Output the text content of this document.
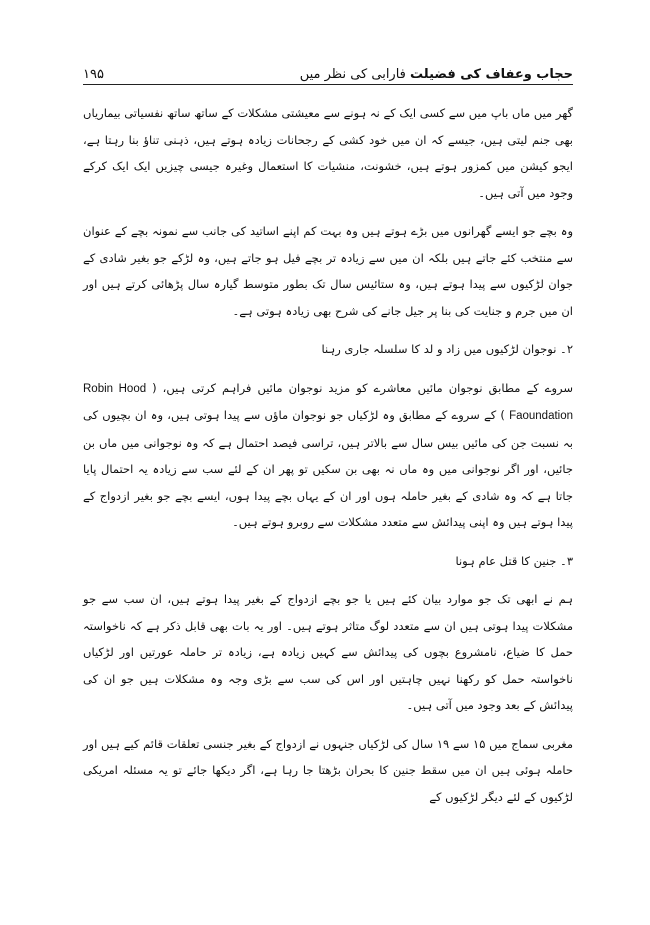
۱۹۵	حجاب وعفاف کی فضیلت فارابی کی نظر میں

گھر میں ماں باپ میں سے کسی ایک کے نہ ہونے سے معیشتی مشکلات کے ساتھ ساتھ نفسیاتی بیماریاں بھی جنم لیتی ہیں، جیسے کہ ان میں خود کشی کے رجحانات زیادہ ہوتے ہیں، ذہنی تناؤ بنا رہتا ہے، ایجو کیشن میں کمزور ہوتے ہیں، خشونت، منشیات کا استعمال وغیرہ جیسی چیزیں ایک ایک کرکے وجود میں آتی ہیں۔

وہ بچے جو ایسے گھرانوں میں بڑے ہوتے ہیں وہ بہت کم اپنے اساتید کی جانب سے نمونہ بچے کے عنوان سے منتخب کئے جاتے ہیں بلکہ ان میں سے زیادہ تر بچے فیل ہو جاتے ہیں، وہ لڑکے جو بغیر شادی کے جوان لڑکیوں سے پیدا ہوتے ہیں، وہ ستائیس سال تک بطور متوسط گیارہ سال پڑھائی کرتے ہیں اور ان میں جرم و جنایت کی بنا پر جیل جانے کی شرح بھی زیادہ ہوتی ہے۔

۲۔ نوجوان لڑکیوں میں زاد و لد کا سلسلہ جاری رہنا

سروے کے مطابق نوجوان مائیں معاشرے کو مزید نوجوان مائیں فراہم کرتی ہیں، ( Robin Hood Faoundation ) کے سروے کے مطابق وہ لڑکیاں جو نوجوان ماؤں سے پیدا ہوتی ہیں، وہ ان بچیوں کی بہ نسبت جن کی مائیں بیس سال سے بالاتر ہیں، تراسی فیصد احتمال ہے کہ وہ نوجوانی میں ماں بن جائیں، اور اگر نوجوانی میں وہ ماں نہ بھی بن سکیں تو پھر ان کے لئے سب سے زیادہ یہ احتمال پایا جاتا ہے کہ وہ شادی کے بغیر حاملہ ہوں اور ان کے یہاں بچے پیدا ہوں، ایسے بچے جو بغیر ازدواج کے پیدا ہوتے ہیں وہ اپنی پیدائش سے متعدد مشکلات سے روبرو ہوتے ہیں۔

۳۔ جنین کا قتل عام ہونا

ہم نے ابھی تک جو موارد بیان کئے ہیں یا جو بچے ازدواج کے بغیر پیدا ہوتے ہیں، ان سب سے جو مشکلات پیدا ہوتی ہیں ان سے متعدد لوگ متاثر ہوتے ہیں۔ اور یہ بات بھی قابل ذکر ہے کہ ناخواستہ حمل کا ضیاع، نامشروع بچوں کی پیدائش سے کہیں زیادہ ہے، زیادہ تر حاملہ عورتیں اور لڑکیاں ناخواستہ حمل کو رکھنا نہیں چاہتیں اور اس کی سب سے بڑی وجہ وہ مشکلات ہیں جو ان کی پیدائش کے بعد وجود میں آتی ہیں۔

مغربی سماج میں ۱۵ سے ۱۹ سال کی لڑکیاں جنہوں نے ازدواج کے بغیر جنسی تعلقات قائم کیے ہیں اور حاملہ ہوئی ہیں ان میں سقط جنین کا بحران بڑھتا جا رہا ہے، اگر دیکھا جائے تو یہ مسئلہ امریکی لڑکیوں کے لئے دیگر لڑکیوں کے
